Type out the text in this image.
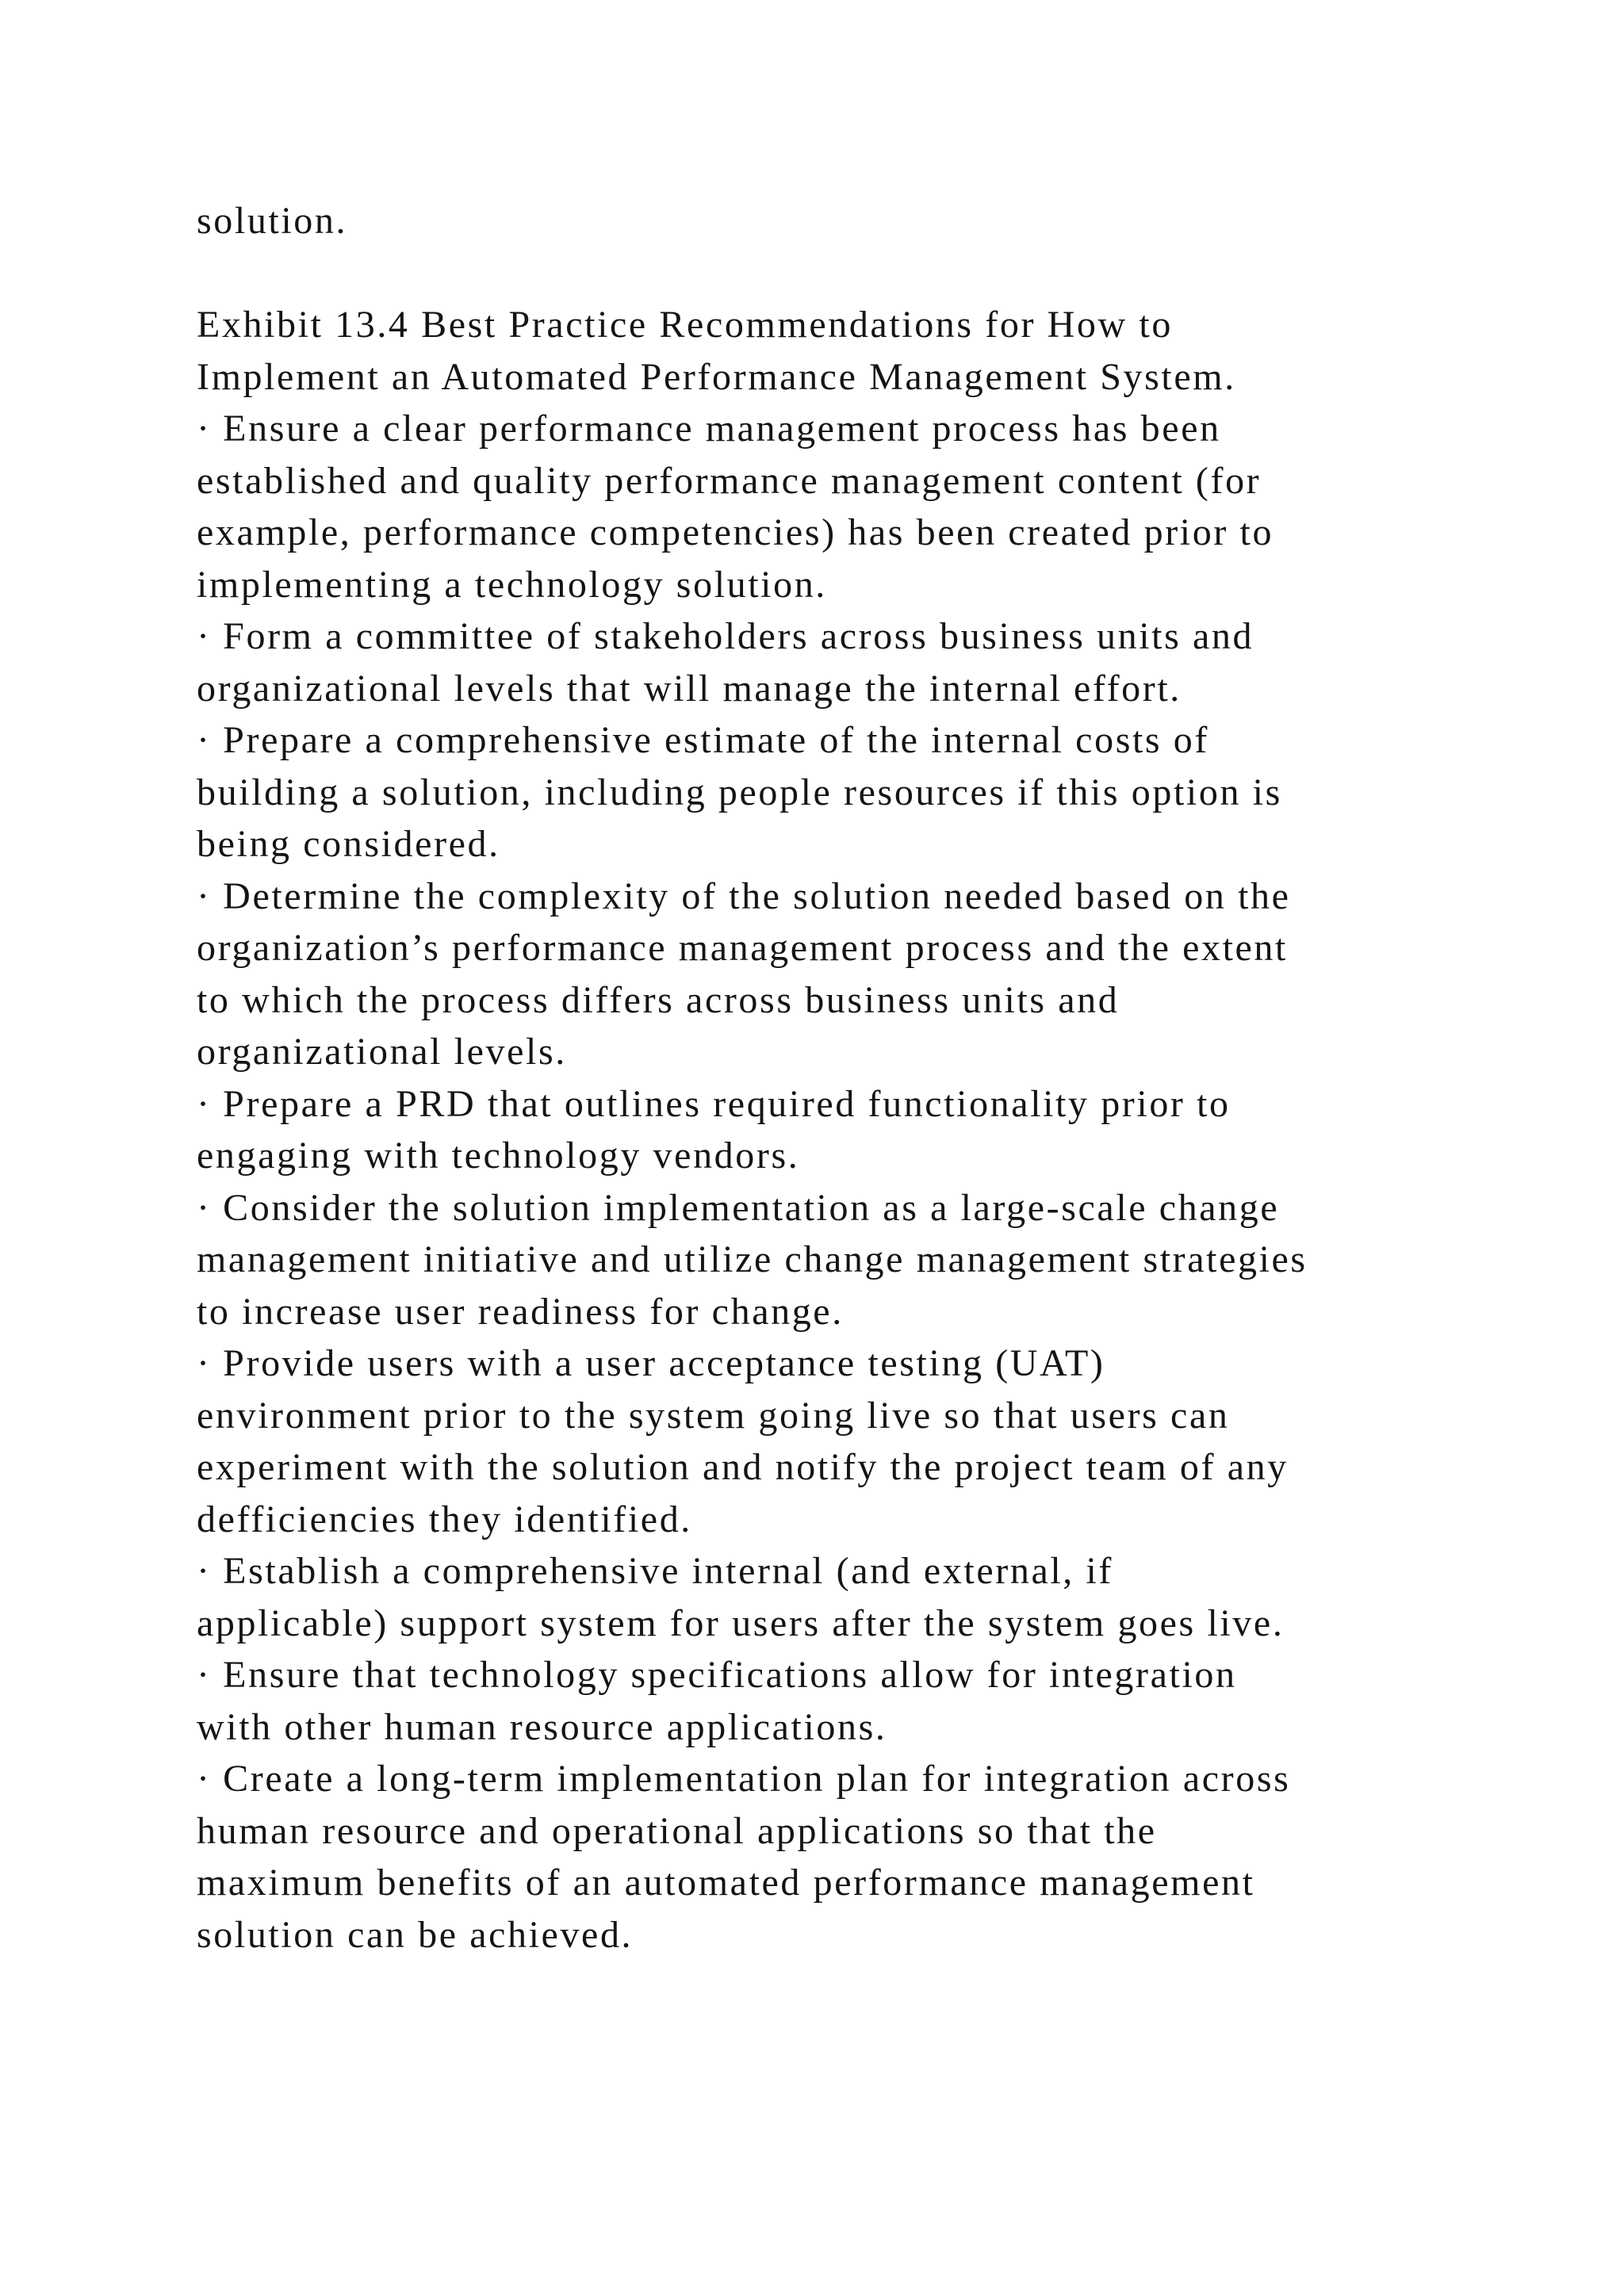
solution.
Exhibit 13.4 Best Practice Recommendations for How to
Implement an Automated Performance Management System.
· Ensure a clear performance management process has been
established and quality performance management content (for
example, performance competencies) has been created prior to
implementing a technology solution.
· Form a committee of stakeholders across business units and
organizational levels that will manage the internal effort.
· Prepare a comprehensive estimate of the internal costs of
building a solution, including people resources if this option is
being considered.
· Determine the complexity of the solution needed based on the
organization’s performance management process and the extent
to which the process differs across business units and
organizational levels.
· Prepare a PRD that outlines required functionality prior to
engaging with technology vendors.
· Consider the solution implementation as a large-scale change
management initiative and utilize change management strategies
to increase user readiness for change.
· Provide users with a user acceptance testing (UAT)
environment prior to the system going live so that users can
experiment with the solution and notify the project team of any
defficiencies they identified.
· Establish a comprehensive internal (and external, if
applicable) support system for users after the system goes live.
· Ensure that technology specifications allow for integration
with other human resource applications.
· Create a long-term implementation plan for integration across
human resource and operational applications so that the
maximum benefits of an automated performance management
solution can be achieved.
